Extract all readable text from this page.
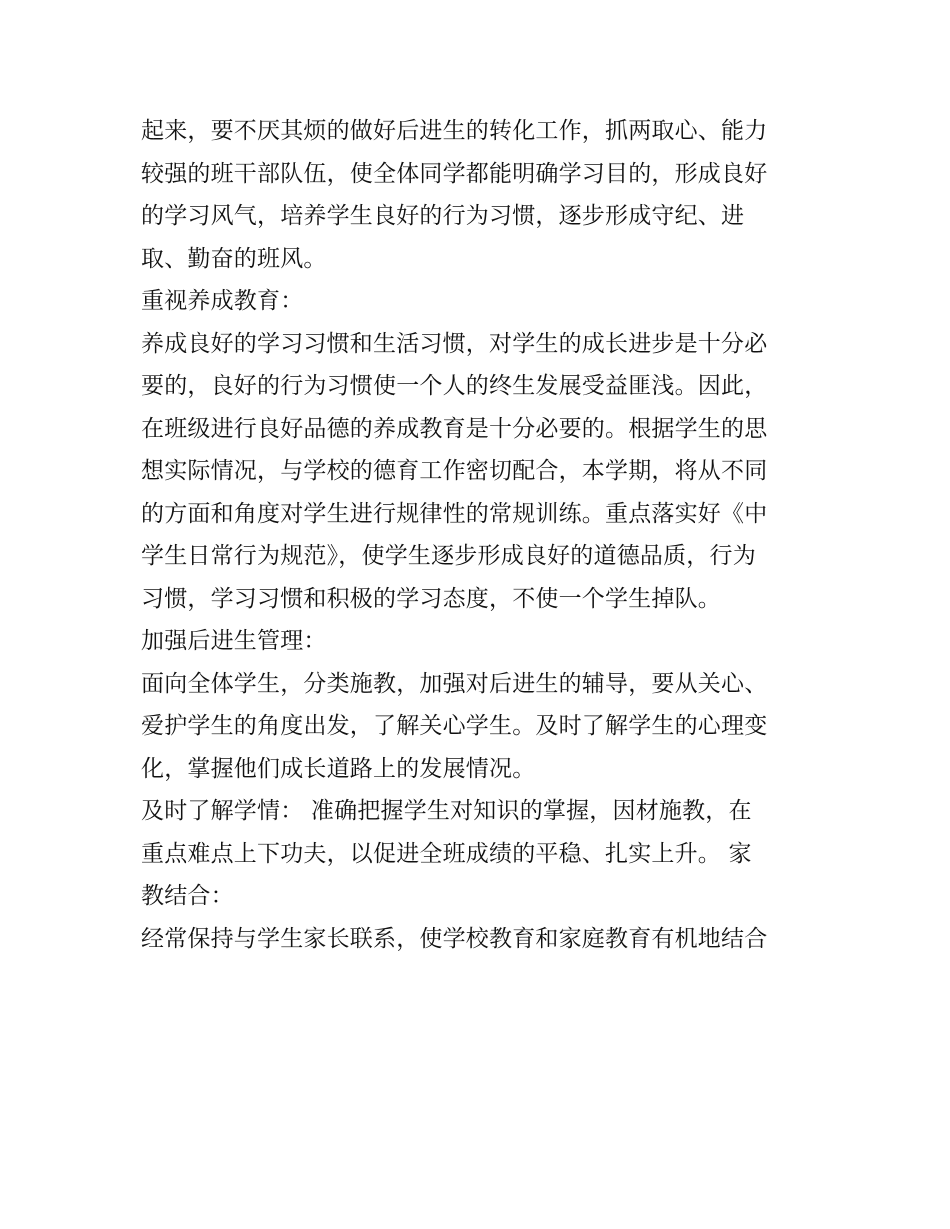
起来，要不厌其烦的做好后进生的转化工作，抓两取心、能力
较强的班干部队伍，使全体同学都能明确学习目的，形成良好
的学习风气，培养学生良好的行为习惯，逐步形成守纪、进
取、勤奋的班风。
重视养成教育：
养成良好的学习习惯和生活习惯，对学生的成长进步是十分必
要的，良好的行为习惯使一个人的终生发展受益匪浅。因此，
在班级进行良好品德的养成教育是十分必要的。根据学生的思
想实际情况，与学校的德育工作密切配合，本学期，将从不同
的方面和角度对学生进行规律性的常规训练。重点落实好《中
学生日常行为规范》，使学生逐步形成良好的道德品质，行为
习惯，学习习惯和积极的学习态度，不使一个学生掉队。
加强后进生管理：
面向全体学生，分类施教，加强对后进生的辅导，要从关心、
爱护学生的角度出发，了解关心学生。及时了解学生的心理变
化，掌握他们成长道路上的发展情况。
及时了解学情： 准确把握学生对知识的掌握，因材施教，在
重点难点上下功夫，以促进全班成绩的平稳、扎实上升。 家
教结合：
经常保持与学生家长联系，使学校教育和家庭教育有机地结合
